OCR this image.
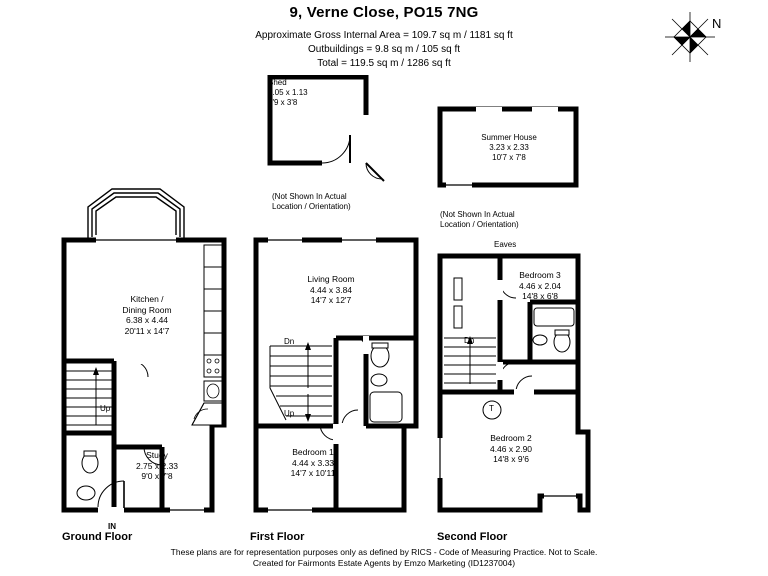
9, Verne Close, PO15 7NG
Approximate Gross Internal Area = 109.7 sq m / 1181 sq ft
Outbuildings = 9.8 sq m / 105 sq ft
Total = 119.5 sq m / 1286 sq ft
N
Shed
2.05 x 1.13
6'9 x 3'8
(Not Shown In Actual
Location / Orientation)
Summer House
3.23 x 2.33
10'7 x 7'8
(Not Shown In Actual
Location / Orientation)
Kitchen /
Dining Room
6.38 x 4.44
20'11 x 14'7
Study
2.75 x 2.33
9'0 x 7'8
Up
IN
Ground Floor
Living Room
4.44 x 3.84
14'7 x 12'7
Bedroom 1
4.44 x 3.33
14'7 x 10'11
Dn
Up
First Floor
Bedroom 3
4.46 x 2.04
14'8 x 6'8
Bedroom 2
4.46 x 2.90
14'8 x 9'6
Dn
Eaves
T
Second Floor
These plans are for representation purposes only as defined by RICS - Code of Measuring Practice. Not to Scale.
Created for Fairmonts Estate Agents by Emzo Marketing (ID1237004)
